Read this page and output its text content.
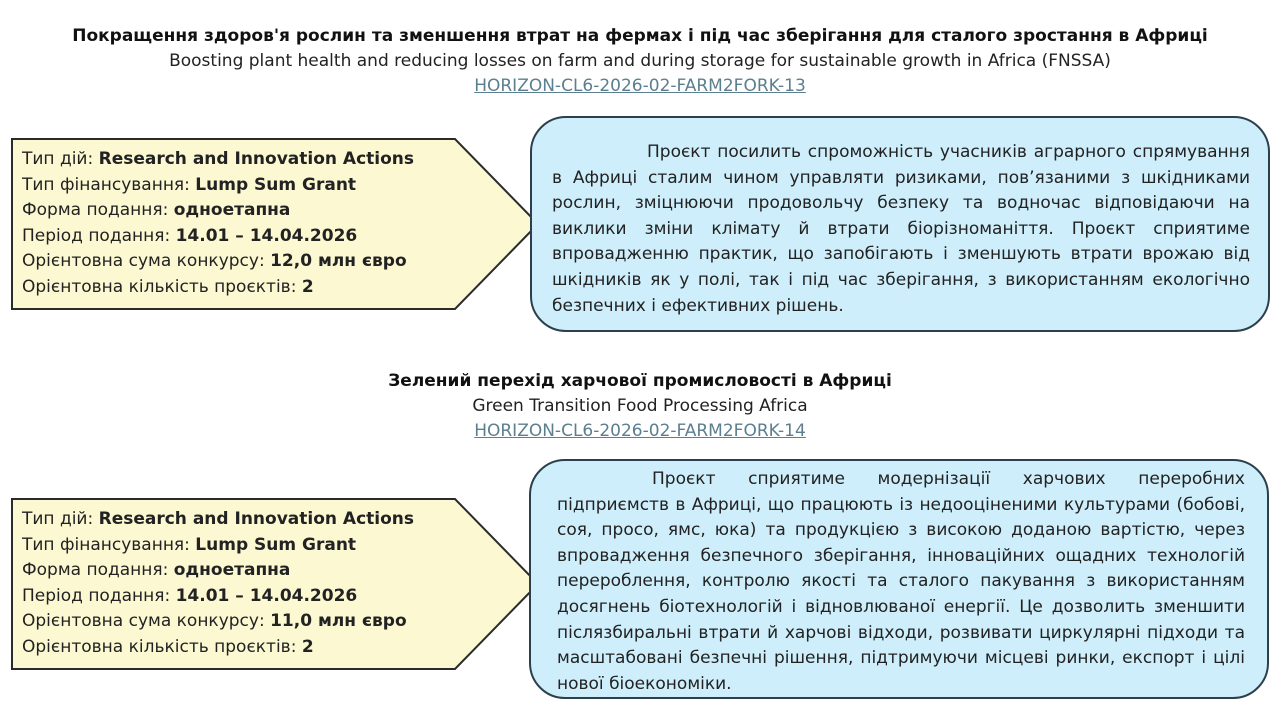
Покращення здоров'я рослин та зменшення втрат на фермах і під час зберігання для сталого зростання в Африці
Boosting plant health and reducing losses on farm and during storage for sustainable growth in Africa (FNSSA)
HORIZON-CL6-2026-02-FARM2FORK-13
Тип дій: Research and Innovation Actions
Тип фінансування: Lump Sum Grant
Форма подання: одноетапна
Період подання: 14.01 – 14.04.2026
Орієнтовна сума конкурсу: 12,0 млн євро
Орієнтовна кількість проєктів: 2

Проєкт посилить спроможність учасників аграрного спрямування в Африці сталим чином управляти ризиками, пов’язаними з шкідниками рослин, зміцнюючи продовольчу безпеку та водночас відповідаючи на виклики зміни клімату й втрати біорізноманіття. Проєкт сприятиме впровадженню практик, що запобігають і зменшують втрати врожаю від шкідників як у полі, так і під час зберігання, з використанням екологічно безпечних і ефективних рішень.

Зелений перехід харчової промисловості в Африці
Green Transition Food Processing Africa
HORIZON-CL6-2026-02-FARM2FORK-14
Тип дій: Research and Innovation Actions
Тип фінансування: Lump Sum Grant
Форма подання: одноетапна
Період подання: 14.01 – 14.04.2026
Орієнтовна сума конкурсу: 11,0 млн євро
Орієнтовна кількість проєктів: 2

Проєкт сприятиме модернізації харчових переробних підприємств в Африці, що працюють із недооціненими культурами (бобові, соя, просо, ямс, юка) та продукцією з високою доданою вартістю, через впровадження безпечного зберігання, інноваційних ощадних технологій перероблення, контролю якості та сталого пакування з використанням досягнень біотехнологій і відновлюваної енергії. Це дозволить зменшити післязбиральні втрати й харчові відходи, розвивати циркулярні підходи та масштабовані безпечні рішення, підтримуючи місцеві ринки, експорт і цілі нової біоекономіки.
